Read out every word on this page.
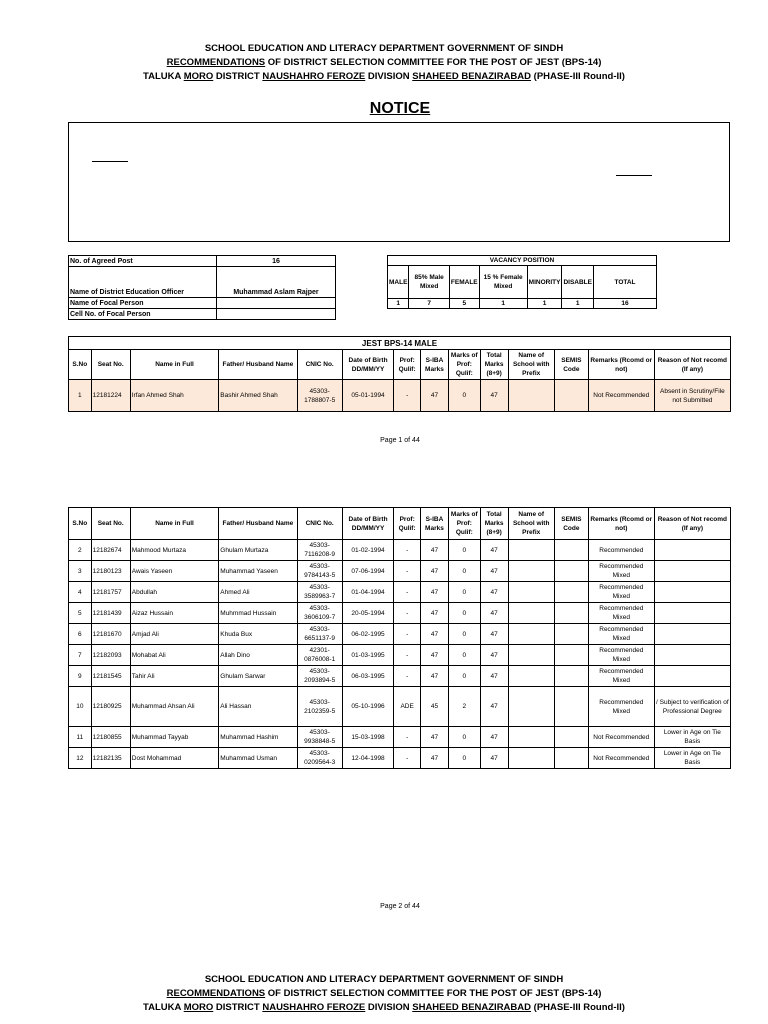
SCHOOL EDUCATION AND LITERACY DEPARTMENT GOVERNMENT OF SINDH
RECOMMENDATIONS OF DISTRICT SELECTION COMMITTEE FOR THE POST OF JEST (BPS-14)
TALUKA MORO DISTRICT NAUSHAHRO FEROZE DIVISION SHAHEED BENAZIRABAD (PHASE-III Round-II)
NOTICE
No. of Agreed Post	16
Name of District Education Officer	Muhammad Aslam Rajper
Name of Focal Person	
Cell No. of Focal Person	
VACANCY POSITION						
MALE	85% Male Mixed	FEMALE	15 % Female Mixed	MINORITY	DISABLE	TOTAL
1	7	5	1	1	1	16
JEST BPS-14 MALE													
S.No	Seat No.	Name in Full	Father/ Husband Name	CNIC No.	Date of Birth DD/MM/YY	Prof: Qulif:	S-IBA Marks	Marks of Prof: Qulif:	Total Marks (8+9)	Name of School with Prefix	SEMIS Code	Remarks (Rcomd or not)	Reason of Not recomd (If any)
1	12181224	Irfan Ahmed Shah	Bashir Ahmed Shah	45303-1788807-5	05-01-1994	-	47	0	47			Not Recommended	Absent in Scrutiny/File not Submitted
Page 1 of 44
S.No	Seat No.	Name in Full	Father/ Husband Name	CNIC No.	Date of Birth DD/MM/YY	Prof: Qulif:	S-IBA Marks	Marks of Prof: Qulif:	Total Marks (8+9)	Name of School with Prefix	SEMIS Code	Remarks (Rcomd or not)	Reason of Not recomd (If any)
2	12182674	Mahmood Murtaza	Ghulam Murtaza	45303-7116208-9	01-02-1994	-	47	0	47			Recommended	
3	12180123	Awais Yaseen	Muhammad Yaseen	45303-9784143-5	07-06-1994	-	47	0	47			Recommended Mixed	
4	12181757	Abdullah	Ahmed Ali	45303-3589963-7	01-04-1994	-	47	0	47			Recommended Mixed	
5	12181439	Aizaz Hussain	Muhmmad Hussain	45303-3606109-7	20-05-1994	-	47	0	47			Recommended Mixed	
6	12181670	Amjad Ali	Khuda Bux	45303-6651137-9	06-02-1995	-	47	0	47			Recommended Mixed	
7	12182093	Mohabat Ali	Allah Dino	42301-0876008-1	01-03-1995	-	47	0	47			Recommended Mixed	
9	12181545	Tahir Ali	Ghulam Sarwar	45303-2093894-5	06-03-1995	-	47	0	47			Recommended Mixed	
10	12180925	Muhammad Ahsan Ali	Ali Hassan	45303-2102359-5	05-10-1996	ADE	45	2	47			Recommended Mixed	/ Subject to verification of Professional Degree
11	12180855	Muhammad Tayyab	Muhammad Hashim	45303-9938848-5	15-03-1998	-	47	0	47			Not Recommended	Lower in Age on Tie Basis
12	12182135	Dost Mohammad	Muhammad Usman	45303-0209564-3	12-04-1998	-	47	0	47			Not Recommended	Lower in Age on Tie Basis
Page 2 of 44
SCHOOL EDUCATION AND LITERACY DEPARTMENT GOVERNMENT OF SINDH
RECOMMENDATIONS OF DISTRICT SELECTION COMMITTEE FOR THE POST OF JEST (BPS-14)
TALUKA MORO DISTRICT NAUSHAHRO FEROZE DIVISION SHAHEED BENAZIRABAD (PHASE-III Round-II)
